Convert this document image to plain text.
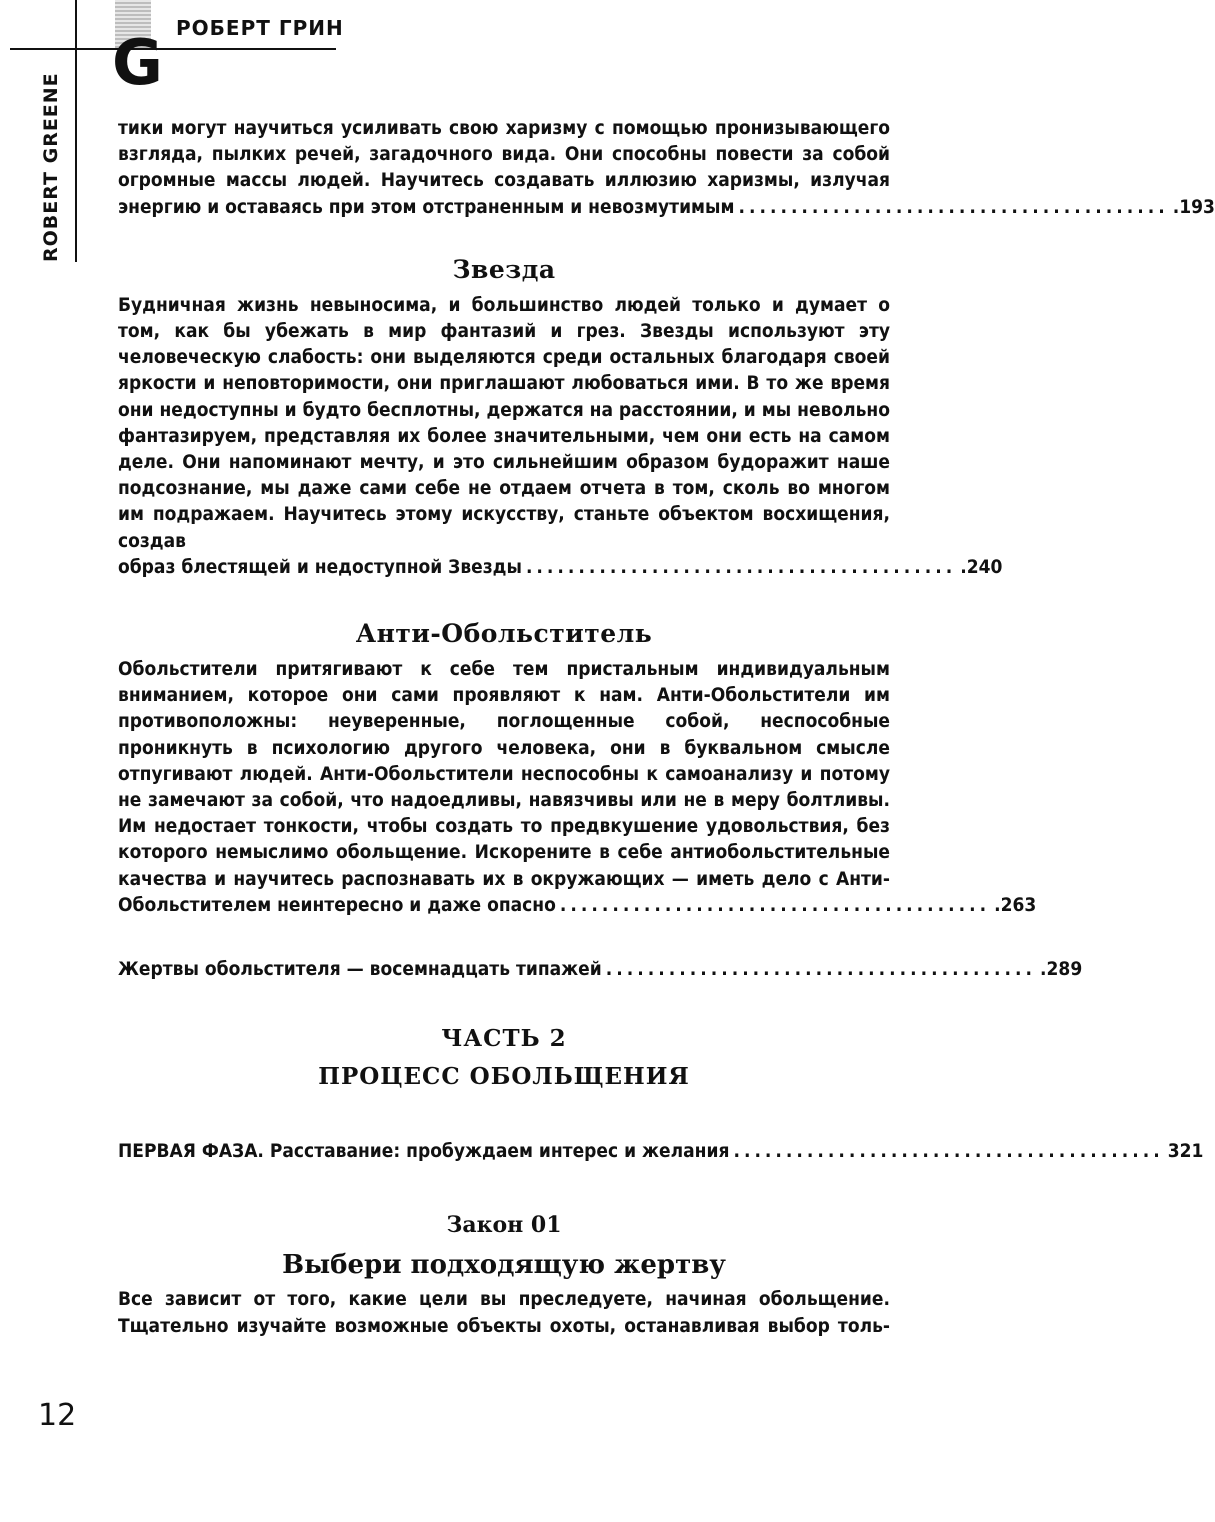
G РОБЕРТ ГРИН
ROBERT GREENE	тики могут научиться усиливать свою харизму с помощью пронизывающего взгляда, пылких речей, загадочного вида. Они способны повести за собой огромные массы людей. Научитесь создавать иллюзию харизмы, излучая

энергию и оставаясь при этом отстраненным и невозмутимым ......................................... .193
Звезда

Будничная жизнь невыносима, и большинство людей только и думает о том, как бы убежать в мир фантазий и грез. Звезды используют эту человеческую слабость: они выделяются среди остальных благодаря своей яркости и неповторимости, они приглашают любоваться ими. В то же время они недоступны и будто бесплотны, держатся на расстоянии, и мы невольно фантазируем, представляя их более значительными, чем они есть на самом деле. Они напоминают мечту, и это сильнейшим образом будоражит наше подсознание, мы даже сами себе не отдаем отчета в том, сколь во многом им подражаем. Научитесь этому искусству, станьте объектом восхищения, создав

образ блестящей и недоступной Звезды ......................................... .240
Анти-Обольститель

Обольстители притягивают к себе тем пристальным индивидуальным вниманием, которое они сами проявляют к нам. Анти-Обольстители им противоположны: неуверенные, поглощенные собой, неспособные проникнуть в психологию другого человека, они в буквальном смысле отпугивают людей. Анти-Обольстители неспособны к самоанализу и потому не замечают за собой, что надоедливы, навязчивы или не в меру болтливы. Им недостает тонкости, чтобы создать то предвкушение удовольствия, без которого немыслимо обольщение. Искорените в себе антиобольстительные качества и научитесь распознавать их в окружающих — иметь дело с Анти-

Обольстителем неинтересно и даже опасно ......................................... .263
Жертвы обольстителя — восемнадцать типажей ......................................... .289
ЧАСТЬ 2
ПРОЦЕСС ОБОЛЬЩЕНИЯ
ПЕРВАЯ ФАЗА. Расставание: пробуждаем интерес и желания ......................................... 321
Закон 01
Выбери подходящую жертву

Все зависит от того, какие цели вы преследуете, начиная обольщение. Тщательно изучайте возможные объекты охоты, останавливая выбор толь-

12
